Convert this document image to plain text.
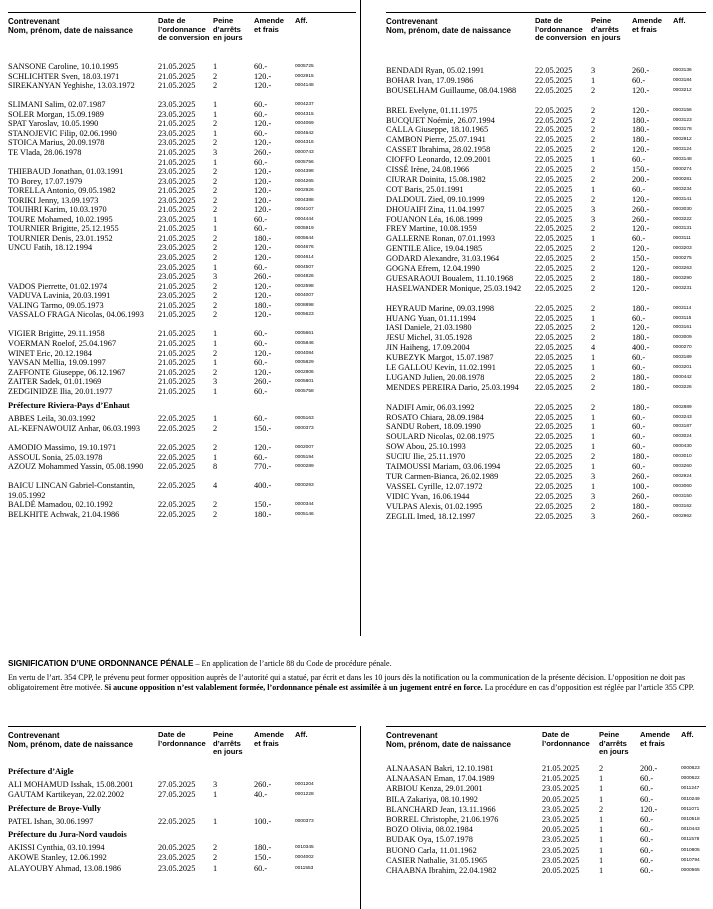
Contrevenant
Nom, prénom, date de naissance
Date de
l’ordonnance
de conversion
Peine
d’arrêts
en jours
Amende
et frais
Aff.
SANSONE Caroline, 10.10.1995	21.05.2025 1	60.-	0005725
SCHLICHTER Sven, 18.03.1971	21.05.2025 2	120.-	0002915
SIREKANYAN Yeghishe, 13.03.1972	21.05.2025 2	120.-	0004148
SLIMANI Salim, 02.07.1987	23.05.2025 1	60.-	0004237
SOLER Morgan, 15.09.1989	23.05.2025 1	60.-	0004315
SPAT Yaroslav, 10.05.1990	21.05.2025 2	120.-	0004069
STANOJEVIC Filip, 02.06.1990	23.05.2025 1	60.-	0004642
STOICA Marius, 20.09.1978	23.05.2025 2	120.-	0004316
TE Vlada, 28.06.1978	21.05.2025 3	260.-	0000743
21.05.2025 1	60.-	0005756
THIEBAUD Jonathan, 01.03.1991	23.05.2025 2	120.-	0004398
TO Borey, 17.07.1979	23.05.2025 2	120.-	0004265
TORELLA Antonio, 09.05.1982	21.05.2025 2	120.-	0002926
TORIKI Jenny, 13.09.1973	23.05.2025 2	120.-	0004388
TOUIHRI Karim, 10.03.1970	21.05.2025 2	120.-	0004107
TOURE Mohamed, 10.02.1995	23.05.2025 1	60.-	0004444
TOURNIER Brigitte, 25.12.1955	21.05.2025 1	60.-	0005919
TOURNIER Denis, 23.01.1952	21.05.2025 2	180.-	0005644
UNCU Fatih, 18.12.1994	23.05.2025 2	120.-	0004676
23.05.2025 2	120.-	0004614
23.05.2025 1	60.-	0004507
23.05.2025 3	260.-	0004826
VADOS Pierrette, 01.02.1974	21.05.2025 2	120.-	0002598
VADUVA Lavinia, 20.03.1991	23.05.2025 2	120.-	0004007
VALING Tarmo, 09.05.1973	21.05.2025 2	180.-	0008898
VASSALO FRAGA Nicolas, 04.06.1993	21.05.2025 2	120.-	0005623
VIGIER Brigitte, 29.11.1958	21.05.2025 1	60.-	0005661
VOERMAN Roelof, 25.04.1967	21.05.2025 1	60.-	0005846
WINET Eric, 20.12.1984	21.05.2025 2	120.-	0004084
YAVSAN Mellia, 19.09.1997	21.05.2025 1	60.-	0005829
ZAFFONTE Giuseppe, 06.12.1967	21.05.2025 2	120.-	0002806
ZAITER Sadek, 01.01.1969	21.05.2025 3	260.-	0005801
ZEDGINIDZE Ilia, 20.01.1977	21.05.2025 1	60.-	0005758
Préfecture Riviera-Pays d’Enhaut
ABBES Leila, 30.03.1992	22.05.2025 1	60.-	0005163
AL-KEFNAWOUIZ Anhar, 06.03.1993	22.05.2025 2	150.-	0000373
AMODIO Massimo, 19.10.1971	22.05.2025 2	120.-	0002007
ASSOUL Sonia, 25.03.1978	22.05.2025 1	60.-	0005194
AZOUZ Mohammed Yassin, 05.08.1990	22.05.2025 8	770.-	0000289
BAICU LINCAN Gabriel-Constantin, 19.05.1992
22.05.2025 4	400.-	0000293
BALDÉ Mamadou, 02.10.1992	22.05.2025 2	150.-	0000344
BELKHITE Achwak, 21.04.1986	22.05.2025 2	180.-	0005146
Contrevenant
Nom, prénom, date de naissance
Date de
l’ordonnance
de conversion
Peine
d’arrêts
en jours
Amende
et frais
Aff.
BENDADI Ryan, 05.02.1991	22.05.2025 3	260.-	0003136
BOHAR Ivan, 17.09.1986	22.05.2025 1	60.-	0003184
BOUSELHAM Guillaume, 08.04.1988	22.05.2025 2	120.-	0003212
BREL Evelyne, 01.11.1975	22.05.2025 2	120.-	0003156
BUCQUET Noémie, 26.07.1994	22.05.2025 2	180.-	0003123
CALLA Giuseppe, 18.10.1965	22.05.2025 2	180.-	0003178
CAMBON Pierre, 25.07.1941	22.05.2025 2	180.-	0002912
CASSET Ibrahima, 28.02.1958	22.05.2025 2	120.-	0003124
CIOFFO Leonardo, 12.09.2001	22.05.2025 1	60.-	0003148
CISSÉ Irène, 24.08.1966	22.05.2025 2	150.-	0000274
CIURAR Doinita, 15.08.1982	22.05.2025 2	200.-	0000281
COT Baris, 25.01.1991	22.05.2025 1	60.-	0003234
DALDOUL Zied, 09.10.1999	22.05.2025 2	120.-	0003141
DHOUAIFI Zina, 11.04.1997	22.05.2025 3	260.-	0003030
FOUANON Léa, 16.08.1999	22.05.2025 3	260.-	0003222
FREY Martine, 10.08.1959	22.05.2025 2	120.-	0003131
GALLERNE Ronan, 07.01.1993	22.05.2025 1	60.-	0003111
GENTILE Alice, 19.04.1985	22.05.2025 2	120.-	0003203
GODARD Alexandre, 31.03.1964	22.05.2025 2	150.-	0000275
GOGNA Efrem, 12.04.1990	22.05.2025 2	120.-	0003263
GUESARAOUI Boualem, 11.10.1968	22.05.2025 2	180.-	0003290
HASELWANDER Monique, 25.03.1942	22.05.2025 2	120.-	0003231
HEYRAUD Marine, 09.03.1998	22.05.2025 2	180.-	0003114
HUANG Yuan, 01.11.1994	22.05.2025 1	60.-	0003115
IASI Daniele, 21.03.1980	22.05.2025 2	120.-	0003161
JESU Michel, 31.05.1928	22.05.2025 2	180.-	0003009
JIN Haiheng, 17.09.2004	22.05.2025 4	400.-	0000270
KUBEZYK Margot, 15.07.1987	22.05.2025 1	60.-	0003189
LE GALLOU Kevin, 11.02.1991	22.05.2025 1	60.-	0003201
LUGAND Julien, 20.08.1978	22.05.2025 2	180.-	0000442
MENDES PEREIRA Dario, 25.03.1994	22.05.2025 2	180.-	0003226
NADIFI Amir, 06.03.1992	22.05.2025 2	180.-	0002889
ROSATO Chiara, 28.09.1984	22.05.2025 1	60.-	0003243
SANDU Robert, 18.09.1990	22.05.2025 1	60.-	0003187
SOULARD Nicolas, 02.08.1975	22.05.2025 1	60.-	0003024
SOW Abou, 25.10.1993	22.05.2025 1	60.-	0000430
SUCIU Ilie, 25.11.1970	22.05.2025 2	180.-	0003010
TAIMOUSSI Mariam, 03.06.1994	22.05.2025 1	60.-	0003260
TUR Carmen-Bianca, 26.02.1989	22.05.2025 3	260.-	0002924
VASSEL Cyrille, 12.07.1972	22.05.2025 1	100.-	0003060
VIDIC Yvan, 16.06.1944	22.05.2025 3	260.-	0003150
VULPAS Alexis, 01.02.1995	22.05.2025 2	180.-	0003162
ZEGLIL Imed, 18.12.1997	22.05.2025 3	260.-	0002962
SIGNIFICATION D’UNE ORDONNANCE PÉNALE – En application de l’article 88 du Code de procédure pénale.
En vertu de l’art. 354 CPP, le prévenu peut former opposition auprès de l’autorité qui a statué, par écrit et dans les 10 jours dès la notification ou la communication de la présente décision. L’opposition ne doit pas obligatoirement être motivée. Si aucune opposition n’est valablement formée, l’ordonnance pénale est assimilée à un jugement entré en force. La procédure en cas d’opposition est réglée par l’article 355 CPP.
Contrevenant
Nom, prénom, date de naissance
Date de
l’ordonnance
Peine
d’arrêts
en jours
Amende
et frais
Aff.
Préfecture d’Aigle
ALI MOHAMUD Isshak, 15.08.2001	27.05.2025 3	260.-	0001204
GAUTAM Kartikeyan, 22.02.2002	27.05.2025 1	40.-	0001228
Préfecture de Broye-Vully
PATEL Ishan, 30.06.1997	22.05.2025 1	100.-	0000373
Préfecture du Jura-Nord vaudois
AKISSI Cynthia, 03.10.1994	20.05.2025 2	180.-	0010345
AKOWE Stanley, 12.06.1992	23.05.2025 2	150.-	0004002
ALAYOUBY Ahmad, 13.08.1986	23.05.2025 1	60.-	0011553
Contrevenant
Nom, prénom, date de naissance
Date de
l’ordonnance
Peine
d’arrêts
en jours
Amende
et frais
Aff.
ALNAASAN Bakri, 12.10.1981	21.05.2025 2	200.-	0000623
ALNAASAN Eman, 17.04.1989	21.05.2025 1	60.-	0000622
ARBIOU Kenza, 29.01.2001	23.05.2025 1	60.-	0011247
BILA Zakariya, 08.10.1992	20.05.2025 1	60.-	0010249
BLANCHARD Jean, 13.11.1966	23.05.2025 2	120.-	0011071
BORREL Christophe, 21.06.1976	23.05.2025 1	60.-	0010518
BOZO Olivia, 08.02.1984	20.05.2025 1	60.-	0010443
BUDAK Oya, 15.07.1978	23.05.2025 1	60.-	0011578
BUONO Carla, 11.01.1962	23.05.2025 1	60.-	0010805
CASIER Nathalie, 31.05.1965	23.05.2025 1	60.-	0010794
CHAABNA Ibrahim, 22.04.1982	20.05.2025 1	60.-	0000565
